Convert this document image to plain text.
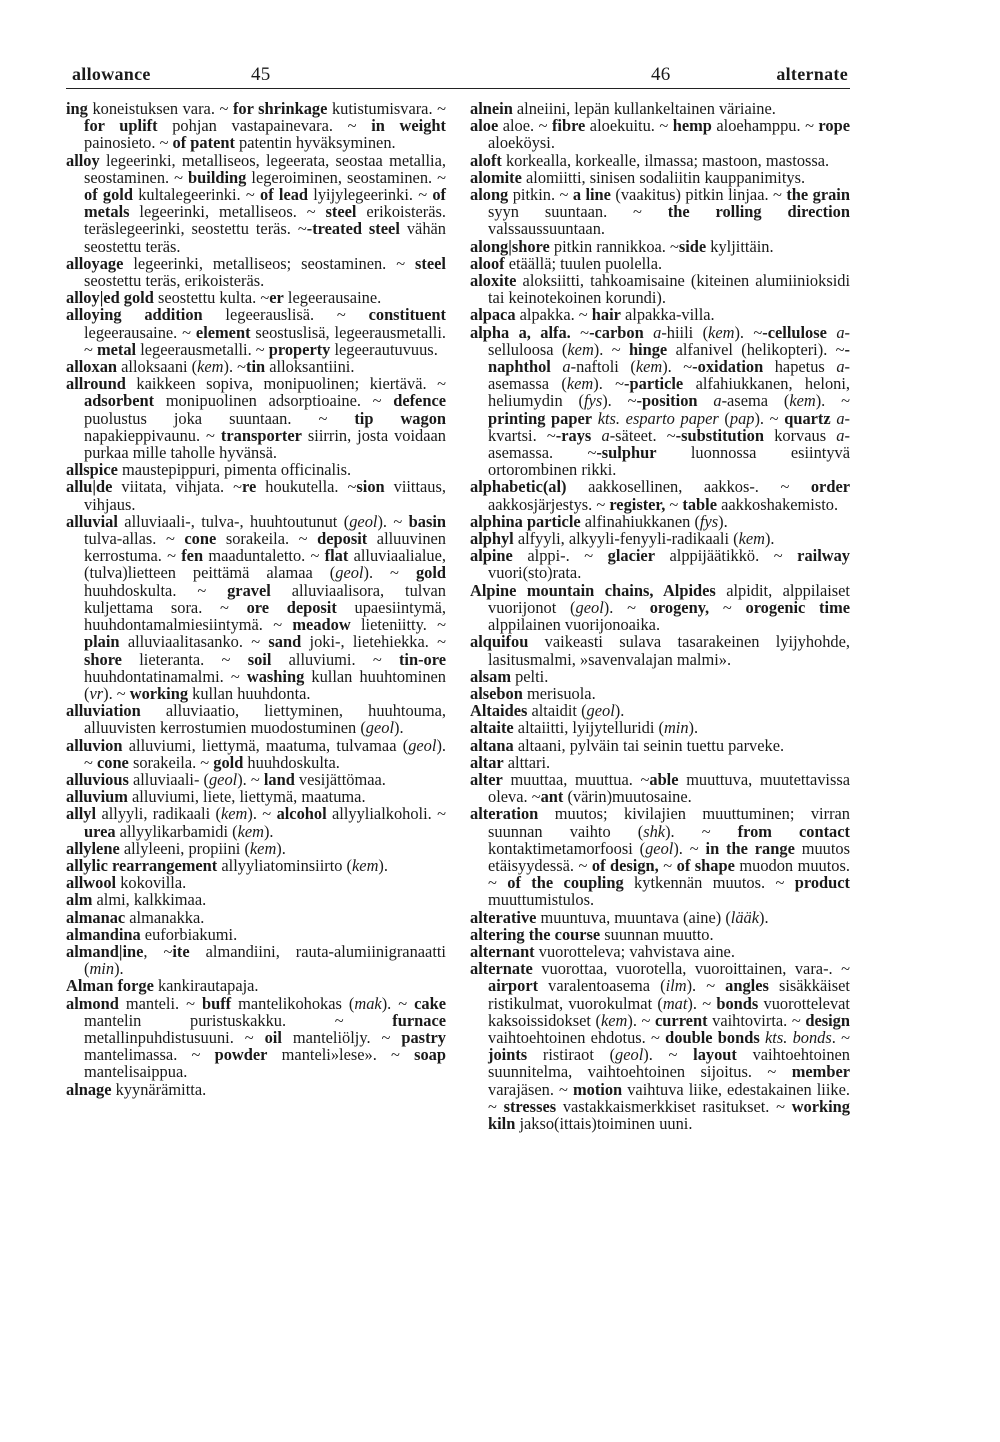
allowance	45	46	alternate

ing koneistuksen vara. ~ for shrinkage kutistumisvara. ~ for uplift pohjan vastapainevara. ~ in weight painosieto. ~ of patent patentin hyväksyminen.

alloy legeerinki, metalliseos, legeerata, seostaa metallia, seostaminen. ~ building legeroiminen, seostaminen. ~ of gold kultalegeerinki. ~ of lead lyijylegeerinki. ~ of metals legeerinki, metalliseos. ~ steel erikoisteräs. teräslegeerinki, seostettu teräs. ~-treated steel vähän seostettu teräs.

alloyage legeerinki, metalliseos; seostaminen. ~ steel seostettu teräs, erikoisteräs.

alloy|ed gold seostettu kulta. ~er legeerausaine.

alloying addition legeerauslisä. ~ constituent legeerausaine. ~ element seostuslisä, legeerausmetalli. ~ metal legeerausmetalli. ~ property legeerautuvuus.

alloxan alloksaani (kem). ~tin alloksantiini.

allround kaikkeen sopiva, monipuolinen; kiertävä. ~ adsorbent monipuolinen adsorptioaine. ~ defence puolustus joka suuntaan. ~ tip wagon napakieppivaunu. ~ transporter siirrin, josta voidaan purkaa mille taholle hyvänsä.

allspice maustepippuri, pimenta officinalis.

allu|de viitata, vihjata. ~re houkutella. ~sion viittaus, vihjaus.

alluvial alluviaali-, tulva-, huuhtoutunut (geol). ~ basin tulva-allas. ~ cone sorakeila. ~ deposit alluuvinen kerrostuma. ~ fen maaduntaletto. ~ flat alluviaalialue, (tulva)lietteen peittämä alamaa (geol). ~ gold huuhdoskulta. ~ gravel alluviaalisora, tulvan kuljettama sora. ~ ore deposit upaesiintymä, huuhdontamalmiesiintymä. ~ meadow lieteniitty. ~ plain alluviaalitasanko. ~ sand joki-, lietehiekka. ~ shore lieteranta. ~ soil alluviumi. ~ tin-ore huuhdontatinamalmi. ~ washing kullan huuhtominen (vr). ~ working kullan huuhdonta.

alluviation alluviaatio, liettyminen, huuhtouma, alluuvisten kerrostumien muodostuminen (geol).

alluvion alluviumi, liettymä, maatuma, tulvamaa (geol). ~ cone sorakeila. ~ gold huuhdoskulta.

alluvious alluviaali- (geol). ~ land vesijättömaa.

alluvium alluviumi, liete, liettymä, maatuma.

allyl allyyli, radikaali (kem). ~ alcohol allyylialkoholi. ~ urea allyylikarbamidi (kem).

allylene allyleeni, propiini (kem).

allylic rearrangement allyyliatominsiirto (kem).

allwool kokovilla.

alm almi, kalkkimaa.

almanac almanakka.

almandina euforbiakumi.

almand|ine, ~ite almandiini, rauta-alumiinigranaatti (min).

Alman forge kankirautapaja.

almond manteli. ~ buff mantelikohokas (mak). ~ cake mantelin puristuskakku. ~ furnace metallinpuhdistusuuni. ~ oil manteliöljy. ~ pastry mantelimassa. ~ powder manteli»lese». ~ soap mantelisaippua.

alnage kyynärämitta.

alnein alneiini, lepän kullankeltainen väriaine.

aloe aloe. ~ fibre aloekuitu. ~ hemp aloehamppu. ~ rope aloeköysi.

aloft korkealla, korkealle, ilmassa; mastoon, mastossa.

alomite alomiitti, sinisen sodaliitin kauppanimitys.

along pitkin. ~ a line (vaakitus) pitkin linjaa. ~ the grain syyn suuntaan. ~ the rolling direction valssaussuuntaan.

along|shore pitkin rannikkoa. ~side kyljittäin.

aloof etäällä; tuulen puolella.

aloxite aloksiitti, tahkoamisaine (kiteinen alumiinioksidi tai keinotekoinen korundi).

alpaca alpakka. ~ hair alpakka-villa.

alpha a, alfa. ~-carbon a-hiili (kem). ~-cellulose a-selluloosa (kem). ~ hinge alfanivel (helikopteri). ~-naphthol a-naftoli (kem). ~-oxidation hapetus a-asemassa (kem). ~-particle alfahiukkanen, heloni, heliumydin (fys). ~-position a-asema (kem). ~ printing paper kts. esparto paper (pap). ~ quartz a-kvartsi. ~-rays a-säteet. ~-substitution korvaus a-asemassa. ~-sulphur luonnossa esiintyvä ortorombinen rikki.

alphabetic(al) aakkosellinen, aakkos-. ~ order aakkosjärjestys. ~ register, ~ table aakkoshakemisto.

alphina particle alfinahiukkanen (fys).

alphyl alfyyli, alkyyli-fenyyli-radikaali (kem).

alpine alppi-. ~ glacier alppijäätikkö. ~ railway vuori(sto)rata.

Alpine mountain chains, Alpides alpidit, alppilaiset vuorijonot (geol). ~ orogeny, ~ orogenic time alppilainen vuorijonoaika.

alquifou vaikeasti sulava tasarakeinen lyijyhohde, lasitusmalmi, »savenvalajan malmi».

alsam pelti.

alsebon merisuola.

Altaides altaidit (geol).

altaite altaiitti, lyijytelluridi (min).

altana altaani, pylväin tai seinin tuettu parveke.

altar alttari.

alter muuttaa, muuttua. ~able muuttuva, muutettavissa oleva. ~ant (värin)muutosaine.

alteration muutos; kivilajien muuttuminen; virran suunnan vaihto (shk). ~ from contact kontaktimetamorfoosi (geol). ~ in the range muutos etäisyydessä. ~ of design, ~ of shape muodon muutos. ~ of the coupling kytkennän muutos. ~ product muuttumistulos.

alterative muuntuva, muuntava (aine) (lääk).

altering the course suunnan muutto.

alternant vuorotteleva; vahvistava aine.

alternate vuorottaa, vuorotella, vuoroittainen, vara-. ~ airport varalentoasema (ilm). ~ angles sisäkkäiset ristikulmat, vuorokulmat (mat). ~ bonds vuorottelevat kaksoissidokset (kem). ~ current vaihtovirta. ~ design vaihtoehtoinen ehdotus. ~ double bonds kts. bonds. ~ joints ristiraot (geol). ~ layout vaihtoehtoinen suunnitelma, vaihtoehtoinen sijoitus. ~ member varajäsen. ~ motion vaihtuva liike, edestakainen liike. ~ stresses vastakkaismerkkiset rasitukset. ~ working kiln jakso(ittais)toiminen uuni.
